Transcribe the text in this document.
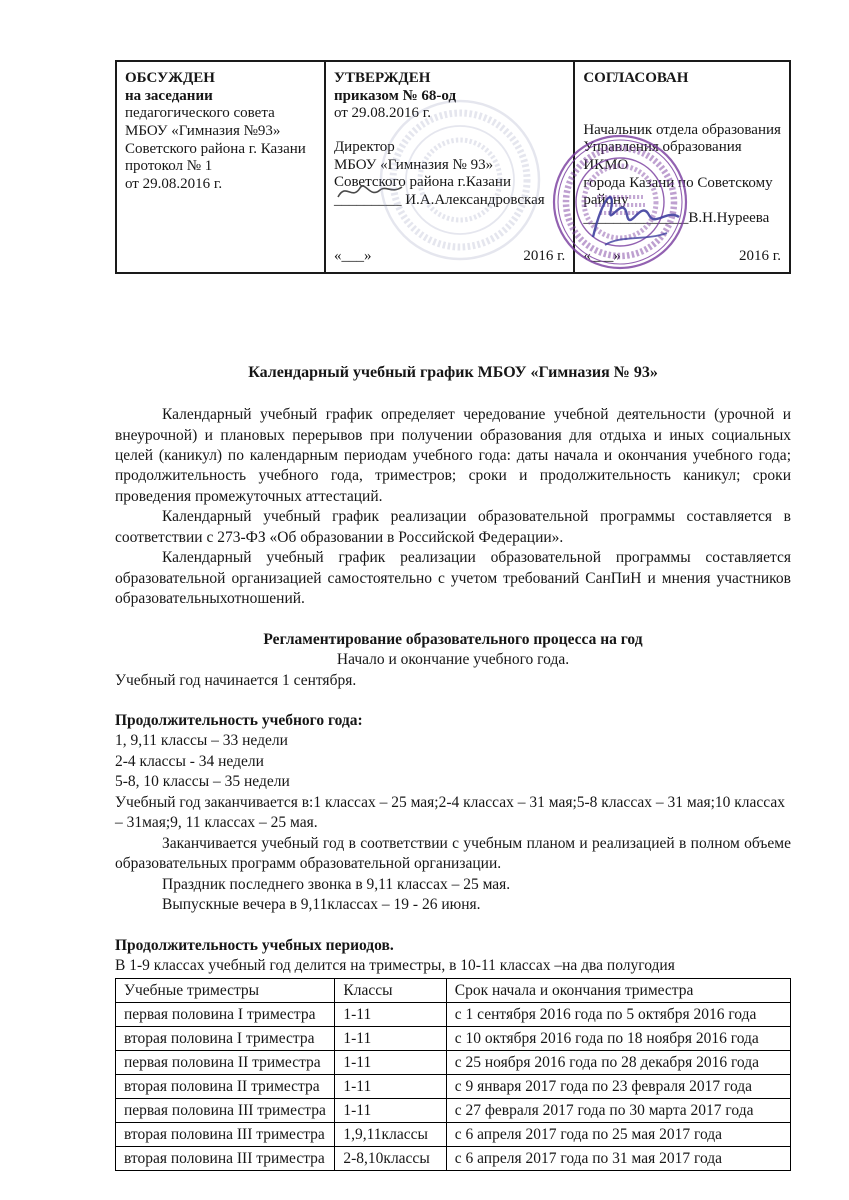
ОБСУЖДЕН
на заседании
педагогического совета
МБОУ «Гимназия №93»
Советского района г. Казани
протокол № 1
от 29.08.2016 г.

УТВЕРЖДЕН
приказом № 68-од
от 29.08.2016 г.
Директор
МБОУ «Гимназия № 93»
Советского района г.Казани
_________ И.А.Александровская
«___»	2016 г.

СОГЛАСОВАН
Начальник отдела образования
Управления образования ИКМО
города Казани по Советскому
району
______________В.Н.Нуреева
«___»	2016 г.
Календарный учебный график МБОУ «Гимназия № 93»

Календарный учебный график определяет чередование учебной деятельности (урочной и внеурочной) и плановых перерывов при получении образования для отдыха и иных социальных целей (каникул) по календарным периодам учебного года: даты начала и окончания учебного года; продолжительность учебного года, триместров; сроки и продолжительность каникул; сроки проведения промежуточных аттестаций.

Календарный учебный график реализации образовательной программы составляется в соответствии с 273-ФЗ «Об образовании в Российской Федерации».

Календарный учебный график реализации образовательной программы составляется образовательной организацией самостоятельно с учетом требований СанПиН и мнения участников образовательныхотношений.

Регламентирование образовательного процесса на год
Начало и окончание учебного года.
Учебный год начинается 1 сентября.
Продолжительность учебного года:
1, 9,11 классы – 33 недели
2-4 классы - 34 недели
5-8, 10 классы – 35 недели
Учебный год заканчивается в:1 классах – 25 мая;2-4 классах – 31 мая;5-8 классах – 31 мая;10 классах – 31мая;9, 11 классах – 25 мая.

Заканчивается учебный год в соответствии с учебным планом и реализацией в полном объеме образовательных программ образовательной организации.

Праздник последнего звонка в 9,11 классах – 25 мая.
Выпускные вечера в 9,11классах – 19 - 26 июня.
Продолжительность учебных периодов.
В 1-9 классах учебный год делится на триместры, в 10-11 классах –на два полугодия
Учебные триместры	Классы	Срок начала и окончания триместра
первая половина I триместра	1-11	с 1 сентября 2016 года по 5 октября 2016 года
вторая половина I триместра	1-11	с 10 октября 2016 года по 18 ноября 2016 года
первая половина II триместра	1-11	с 25 ноября 2016 года по 28 декабря 2016 года
вторая половина II триместра	1-11	с 9 января 2017 года по 23 февраля 2017 года
первая половина III триместра	1-11	с 27 февраля 2017 года по 30 марта 2017 года
вторая половина III триместра	1,9,11классы	с 6 апреля 2017 года по 25 мая 2017 года
вторая половина III триместра	2-8,10классы	с 6 апреля 2017 года по 31 мая 2017 года
